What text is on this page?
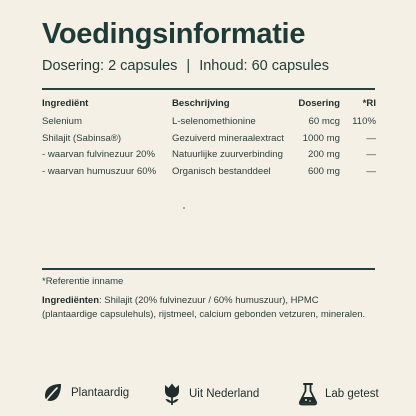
Voedingsinformatie
Dosering: 2 capsules | Inhoud: 60 capsules
Ingrediënt	Beschrijving	Dosering	*RI
Selenium	L-selenomethionine	60 mcg	110%
Shilajit (Sabinsa®)	Gezuiverd mineraalextract	1000 mg	—
- waarvan fulvinezuur 20%	Natuurlijke zuurverbinding	200 mg	—
- waarvan humuszuur 60%	Organisch bestanddeel	600 mg	—
*Referentie inname
Ingrediënten: Shilajit (20% fulvinezuur / 60% humuszuur), HPMC (plantaardige capsulehuls), rijstmeel, calcium gebonden vetzuren, mineralen.
Plantaardig	Uit Nederland	Lab getest
